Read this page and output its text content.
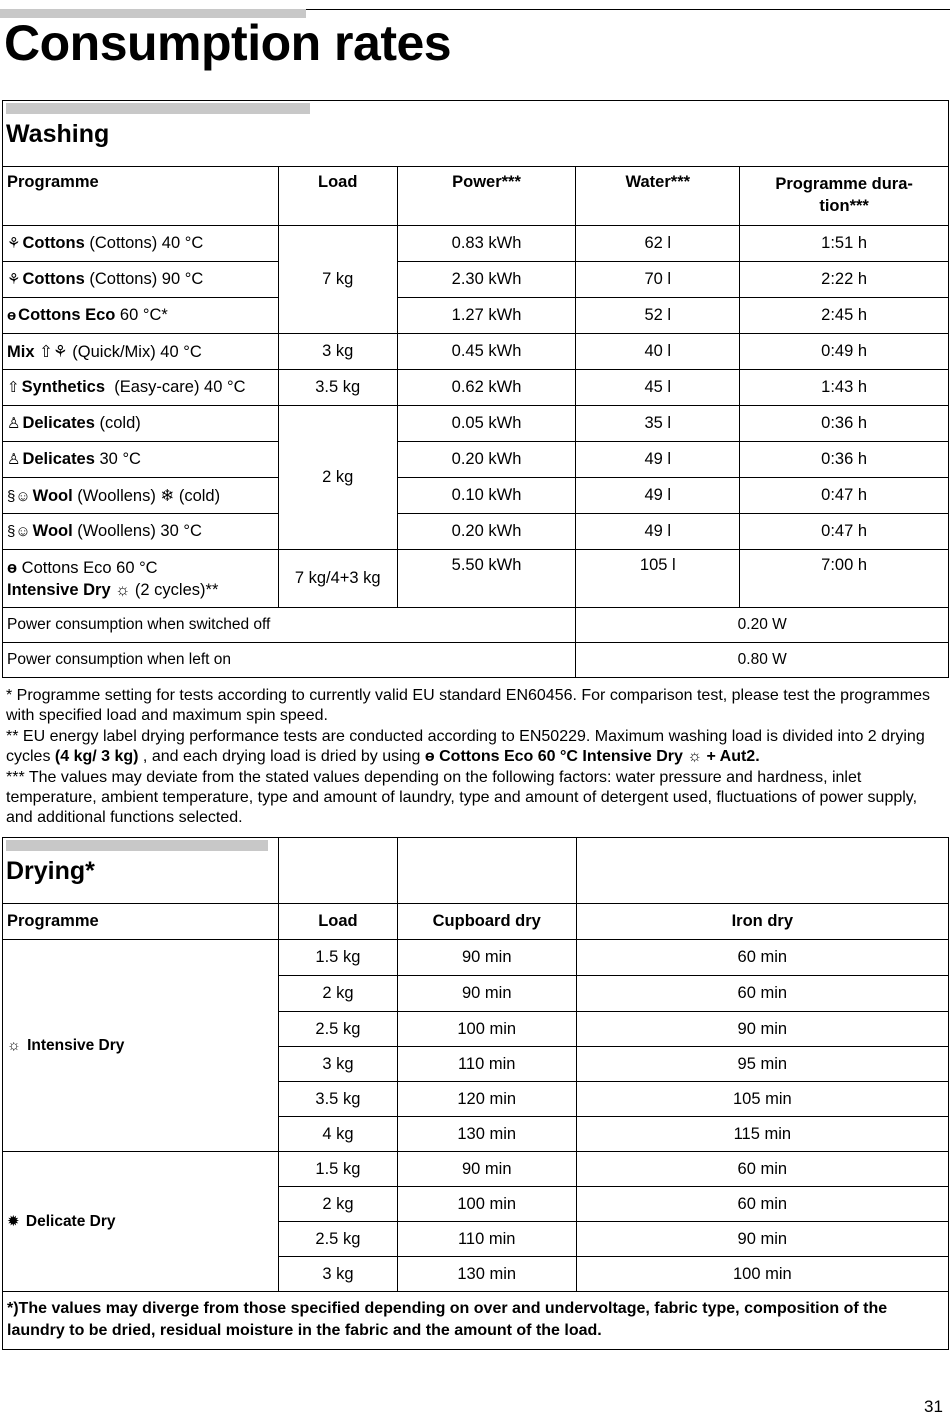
Consumption rates
Washing				

Programme	Load	Power***	Water***	Programme dura-
tion***
⚘ Cottons (Cottons) 40 °C	7 kg	0.83 kWh	62 l	1:51 h
⚘ Cottons (Cottons) 90 °C		2.30 kWh	70 l	2:22 h
ɵ Cottons Eco 60 °C*		1.27 kWh	52 l	2:45 h
Mix ⇧⚘ (Quick/Mix) 40 °C	3 kg	0.45 kWh	40 l	0:49 h
⇧ Synthetics  (Easy-care) 40 °C	3.5 kg	0.62 kWh	45 l	1:43 h
♙ Delicates (cold)	2 kg	0.05 kWh	35 l	0:36 h
♙ Delicates 30 °C		0.20 kWh	49 l	0:36 h
§☺ Wool (Woollens) ❄ (cold)		0.10 kWh	49 l	0:47 h
§☺ Wool (Woollens) 30 °C		0.20 kWh	49 l	0:47 h
ɵ Cottons Eco 60 °C
Intensive Dry ☼ (2 cycles)**	7 kg/4+3 kg	5.50 kWh	105 l	7:00 h
Power consumption when switched off			0.20 W	
Power consumption when left on			0.80 W	

* Programme setting for tests according to currently valid EU standard EN60456. For comparison test, please test the programmes with specified load and maximum spin speed.

** EU energy label drying performance tests are conducted according to EN50229. Maximum washing load is divided into 2 drying cycles (4 kg/ 3 kg) , and each drying load is dried by using ɵ Cottons Eco 60 °C Intensive Dry ☼ + Aut2.

*** The values may deviate from the stated values depending on the following factors: water pressure and hardness, inlet temperature, ambient temperature, type and amount of laundry, type and amount of detergent used, fluctuations of power supply, and additional functions selected.

Drying*			

Programme	Load	Cupboard dry	Iron dry
☼ Intensive Dry	1.5 kg	90 min	60 min
	2 kg	90 min	60 min
	2.5 kg	100 min	90 min
	3 kg	110 min	95 min
	3.5 kg	120 min	105 min
	4 kg	130 min	115 min
✹ Delicate Dry	1.5 kg	90 min	60 min
	2 kg	100 min	60 min
	2.5 kg	110 min	90 min
	3 kg	130 min	100 min
*)The values may diverge from those specified depending on over and undervoltage, fabric type, composition of the laundry to be dried, residual moisture in the fabric and the amount of the load.			
31
